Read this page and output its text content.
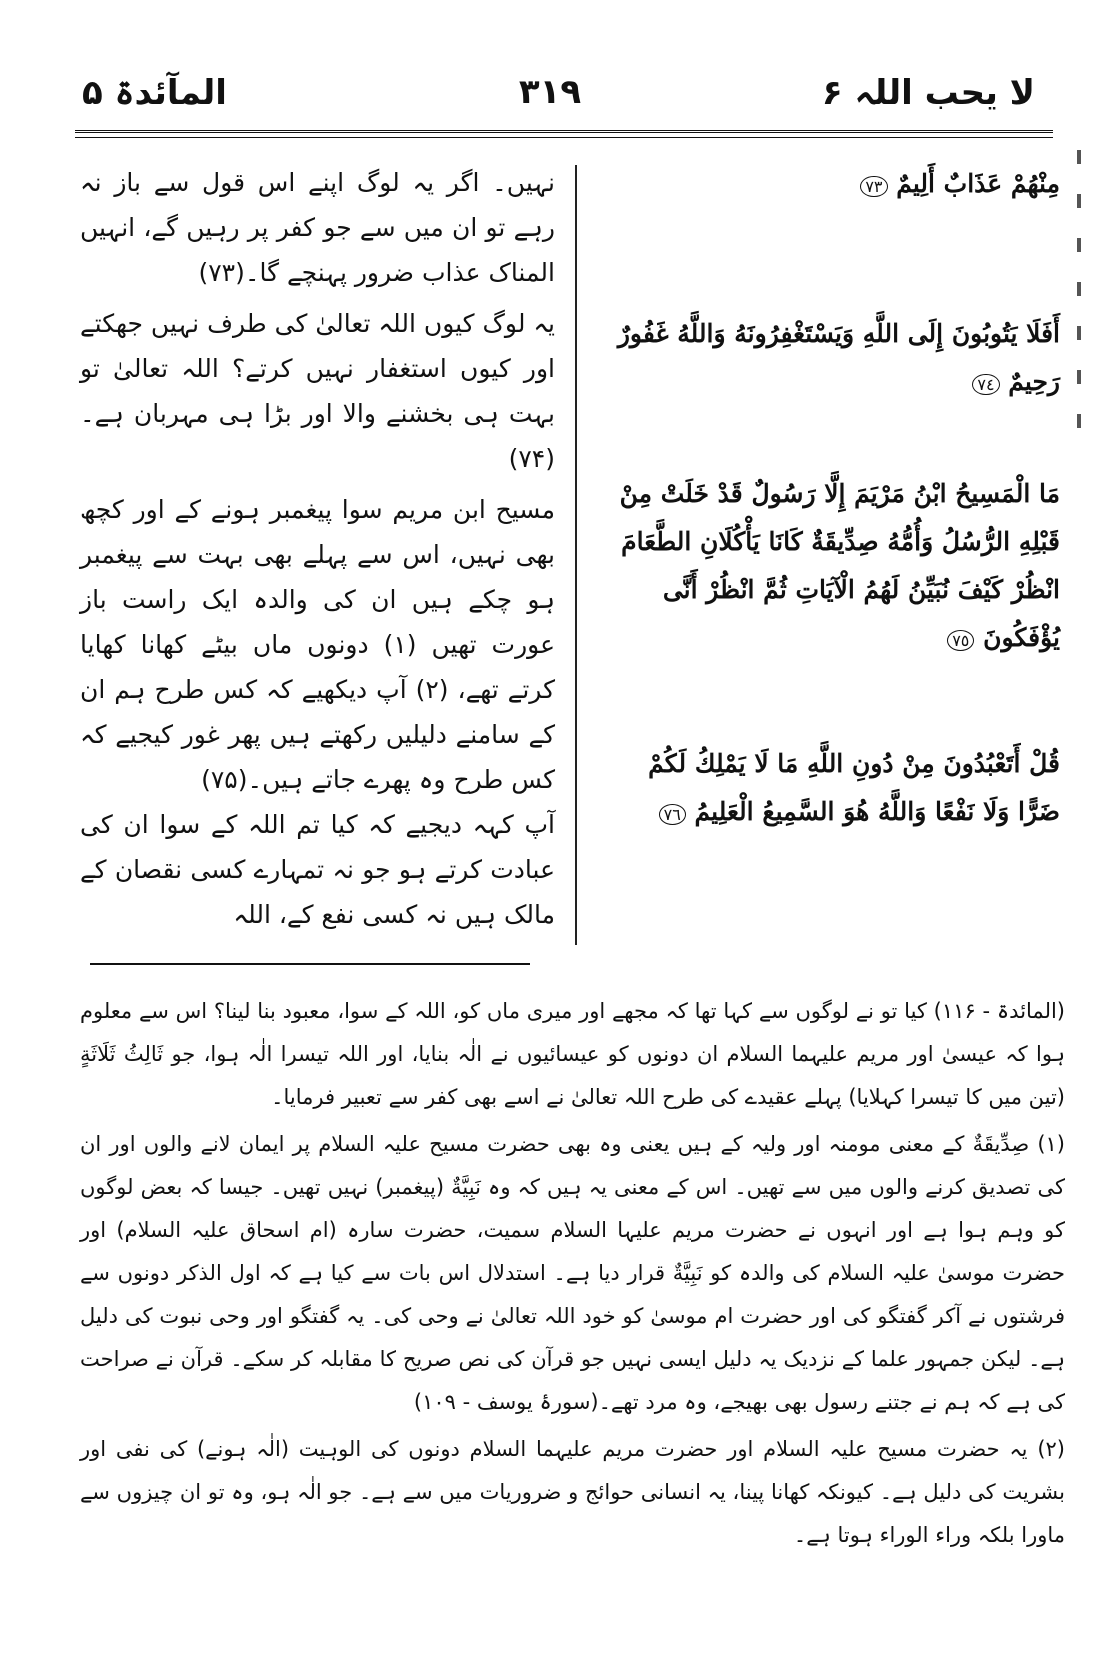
المآئدۃ ۵	۳۱۹	لا یحب اللہ ۶

نہیں۔ اگر یہ لوگ اپنے اس قول سے باز نہ رہے تو ان میں سے جو کفر پر رہیں گے، انہیں المناک عذاب ضرور پہنچے گا۔(۷۳)

یہ لوگ کیوں اللہ تعالیٰ کی طرف نہیں جھکتے اور کیوں استغفار نہیں کرتے؟ اللہ تعالیٰ تو بہت ہی بخشنے والا اور بڑا ہی مہربان ہے۔(۷۴)

مسیح ابن مریم سوا پیغمبر ہونے کے اور کچھ بھی نہیں، اس سے پہلے بھی بہت سے پیغمبر ہو چکے ہیں ان کی والدہ ایک راست باز عورت تھیں (۱) دونوں ماں بیٹے کھانا کھایا کرتے تھے، (۲) آپ دیکھیے کہ کس طرح ہم ان کے سامنے دلیلیں رکھتے ہیں پھر غور کیجیے کہ کس طرح وہ پھرے جاتے ہیں۔(۷۵)

آپ کہہ دیجیے کہ کیا تم اللہ کے سوا ان کی عبادت کرتے ہو جو نہ تمہارے کسی نقصان کے مالک ہیں نہ کسی نفع کے، اللہ

مِنْهُمْ عَذَابٌ أَلِيمٌ ٧٣

أَفَلَا يَتُوبُونَ إِلَى اللَّهِ وَيَسْتَغْفِرُونَهُ وَاللَّهُ غَفُورٌ رَحِيمٌ ٧٤

مَا الْمَسِيحُ ابْنُ مَرْيَمَ إِلَّا رَسُولٌ قَدْ خَلَتْ مِنْ قَبْلِهِ الرُّسُلُ وَأُمُّهُ صِدِّيقَةٌ كَانَا يَأْكُلَانِ الطَّعَامَ انْظُرْ كَيْفَ نُبَيِّنُ لَهُمُ الْآيَاتِ ثُمَّ انْظُرْ أَنَّى يُؤْفَكُونَ ٧٥

قُلْ أَتَعْبُدُونَ مِنْ دُونِ اللَّهِ مَا لَا يَمْلِكُ لَكُمْ ضَرًّا وَلَا نَفْعًا وَاللَّهُ هُوَ السَّمِيعُ الْعَلِيمُ ٧٦

(المائدۃ - ۱۱۶) کیا تو نے لوگوں سے کہا تھا کہ مجھے اور میری ماں کو، اللہ کے سوا، معبود بنا لینا؟ اس سے معلوم ہوا کہ عیسیٰ اور مریم علیہما السلام ان دونوں کو عیسائیوں نے الٰہ بنایا، اور اللہ تیسرا الٰہ ہوا، جو ثَالِثُ ثَلَاثَةٍ (تین میں کا تیسرا کہلایا) پہلے عقیدے کی طرح اللہ تعالیٰ نے اسے بھی کفر سے تعبیر فرمایا۔

(۱) صِدِّيقَةٌ کے معنی مومنہ اور ولیہ کے ہیں یعنی وہ بھی حضرت مسیح علیہ السلام پر ایمان لانے والوں اور ان کی تصدیق کرنے والوں میں سے تھیں۔ اس کے معنی یہ ہیں کہ وہ نَبِيَّةٌ (پیغمبر) نہیں تھیں۔ جیسا کہ بعض لوگوں کو وہم ہوا ہے اور انہوں نے حضرت مریم علیہا السلام سمیت، حضرت سارہ (ام اسحاق علیہ السلام) اور حضرت موسیٰ علیہ السلام کی والدہ کو نَبِيَّةٌ قرار دیا ہے۔ استدلال اس بات سے کیا ہے کہ اول الذکر دونوں سے فرشتوں نے آکر گفتگو کی اور حضرت ام موسیٰ کو خود اللہ تعالیٰ نے وحی کی۔ یہ گفتگو اور وحی نبوت کی دلیل ہے۔ لیکن جمہور علما کے نزدیک یہ دلیل ایسی نہیں جو قرآن کی نص صریح کا مقابلہ کر سکے۔ قرآن نے صراحت کی ہے کہ ہم نے جتنے رسول بھی بھیجے، وہ مرد تھے۔(سورۂ یوسف - ۱۰۹)

(۲) یہ حضرت مسیح علیہ السلام اور حضرت مریم علیہما السلام دونوں کی الوہیت (الٰہ ہونے) کی نفی اور بشریت کی دلیل ہے۔ کیونکہ کھانا پینا، یہ انسانی حوائج و ضروریات میں سے ہے۔ جو الٰہ ہو، وہ تو ان چیزوں سے ماورا بلکہ وراء الوراء ہوتا ہے۔
